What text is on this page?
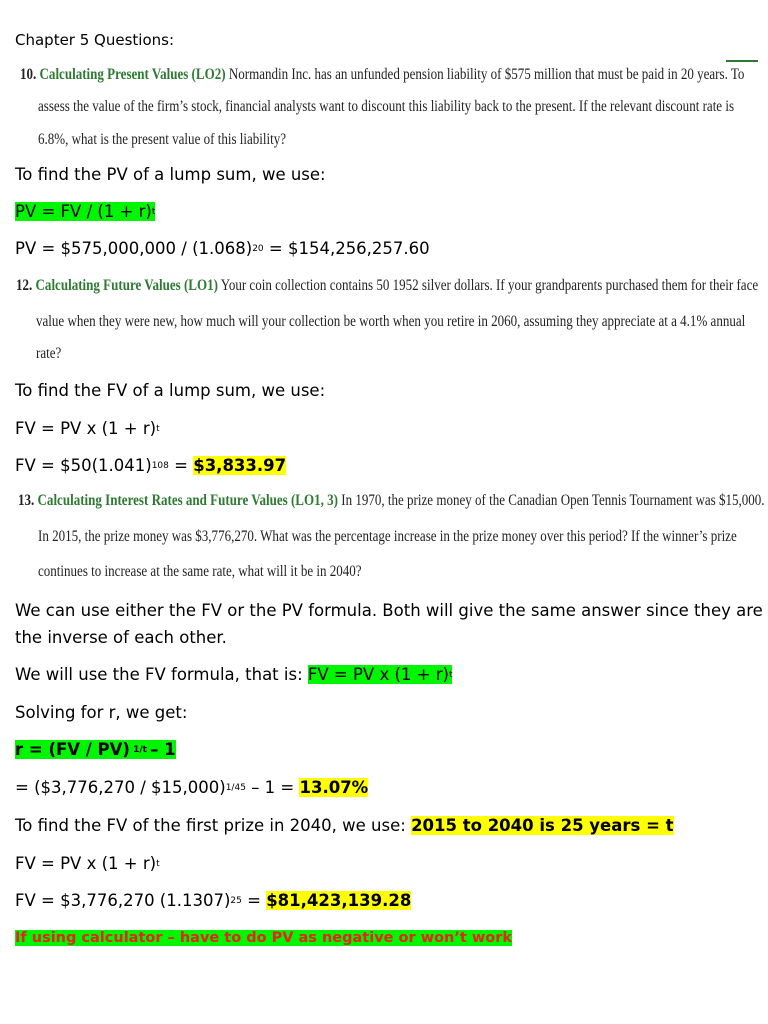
Chapter 5 Questions:
10. Calculating Present Values (LO2) Normandin Inc. has an unfunded pension liability of $575 million that must be paid in 20 years. To
assess the value of the firm’s stock, financial analysts want to discount this liability back to the present. If the relevant discount rate is
6.8%, what is the present value of this liability?
To find the PV of a lump sum, we use:
PV = FV / $(1 + r)^t$
PV = $575,000,000 / $(1.068)^{20}$ = $154,256,257.60
12. Calculating Future Values (LO1) Your coin collection contains 50 1952 silver dollars. If your grandparents purchased them for their face
value when they were new, how much will your collection be worth when you retire in 2060, assuming they appreciate at a 4.1% annual
rate?
To find the FV of a lump sum, we use:
FV = PV x $(1 + r)^t$
FV = $\$50(1.041)^{108}$ = $3,833.97
13. Calculating Interest Rates and Future Values (LO1, 3) In 1970, the prize money of the Canadian Open Tennis Tournament was $15,000.
In 2015, the prize money was $3,776,270. What was the percentage increase in the prize money over this period? If the winner’s prize
continues to increase at the same rate, what will it be in 2040?
We can use either the FV or the PV formula. Both will give the same answer since they are
the inverse of each other.
We will use the FV formula, that is: FV = PV x $(1 + r)^t$
Solving for r, we get:
r = (FV / PV) $^{1/t}$ – 1
= ($3,776,270 / $15,000)$^{1/45}$ – 1 = 13.07%
To find the FV of the first prize in 2040, we use: 2015 to 2040 is 25 years = t
FV = PV x $(1 + r)^t$
FV = $3,776,270 $(1.1307)^{25}$ = $81,423,139.28
If using calculator – have to do PV as negative or won’t work
